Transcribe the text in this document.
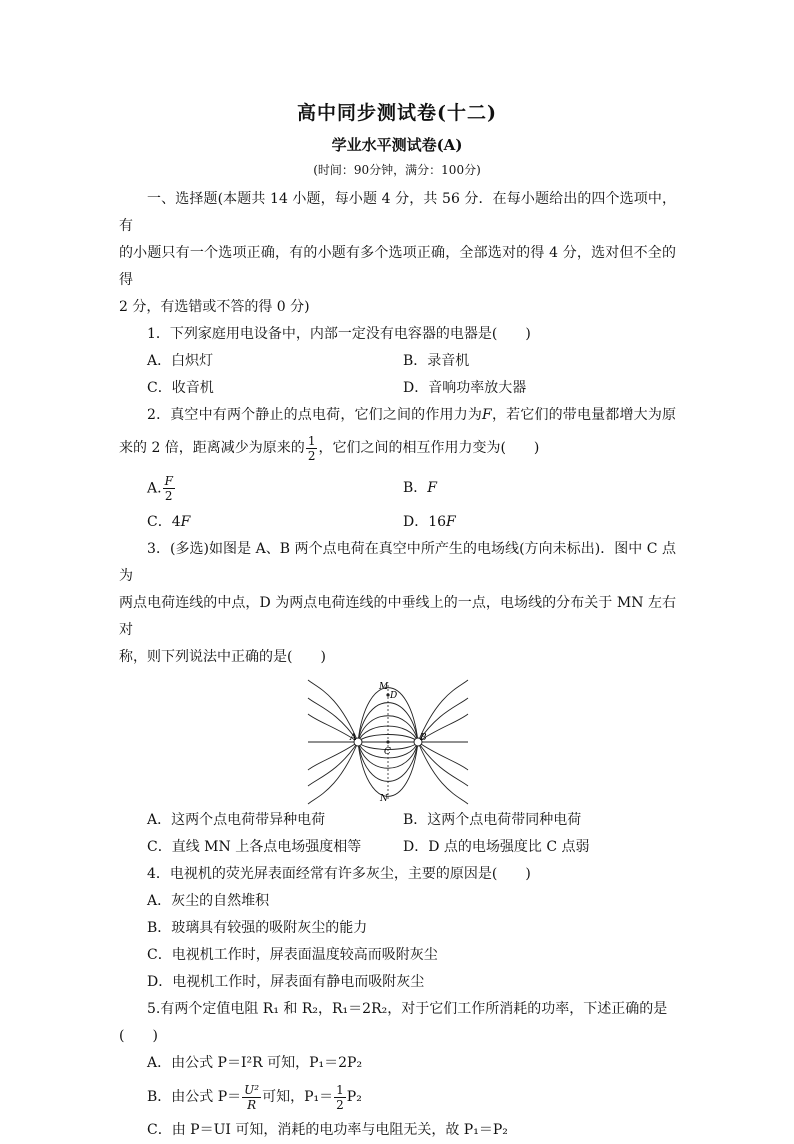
高中同步测试卷(十二)
学业水平测试卷(A)
(时间：90分钟，满分：100分)

一、选择题(本题共 14 小题，每小题 4 分，共 56 分．在每小题给出的四个选项中，有

的小题只有一个选项正确，有的小题有多个选项正确，全部选对的得 4 分，选对但不全的得

2 分，有选错或不答的得 0 分)

1．下列家庭用电设备中，内部一定没有电容器的电器是(　　)

A．白炽灯	B．录音机
C．收音机	D．音响功率放大器

2．真空中有两个静止的点电荷，它们之间的作用力为F，若它们的带电量都增大为原

来的 2 倍，距离减少为原来的 $\frac{1}{2}$ ，它们之间的相互作用力变为(　　)

A. $\frac{F}{2}$	B．F
C．4F	D．16F

3．(多选)如图是 A、B 两个点电荷在真空中所产生的电场线(方向未标出)．图中 C 点为

两点电荷连线的中点，D 为两点电荷连线的中垂线上的一点，电场线的分布关于 MN 左右对

称，则下列说法中正确的是(　　)

M
N
A	B
C
D
A．这两个点电荷带异种电荷	B．这两个点电荷带同种电荷
C．直线 MN 上各点电场强度相等	D．D 点的电场强度比 C 点弱

4．电视机的荧光屏表面经常有许多灰尘，主要的原因是(　　)

A．灰尘的自然堆积
B．玻璃具有较强的吸附灰尘的能力
C．电视机工作时，屏表面温度较高而吸附灰尘
D．电视机工作时，屏表面有静电而吸附灰尘

5.有两个定值电阻 R₁ 和 R₂，R₁＝2R₂，对于它们工作所消耗的功率，下述正确的是(　　)

A．由公式 P＝I²R 可知，P₁＝2P₂
B．由公式 $P= \frac{\text{U²}}{R}$ 可知，$P_1= \frac{1}{2} P_2$
C．由 P＝UI 可知，消耗的电功率与电阻无关，故 P₁＝P₂
